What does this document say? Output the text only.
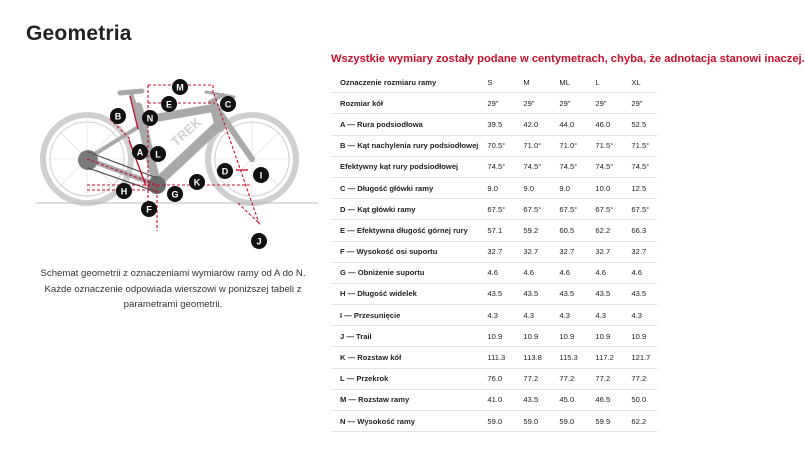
Geometria
Wszystkie wymiary zostały podane w centymetrach, chyba, że adnotacja stanowi inaczej.
TREK
M
C
E
B	N
A L
D	I
K
H	G
F
J
Schemat geometrii z oznaczeniami wymiarów ramy od A do N. Każde oznaczenie odpowiada wierszowi w poniższej tabeli z parametrami geometrii.
Oznaczenie rozmiaru ramy	S	M	ML	L	XL
Rozmiar kół	29"	29"	29"	29"	29"
A — Rura podsiodłowa	39.5	42.0	44.0	46.0	52.5
B — Kąt nachylenia rury podsiodłowej	70.5°	71.0°	71.0°	71.5°	71.5°
Efektywny kąt rury podsiodłowej	74.5°	74.5°	74.5°	74.5°	74.5°
C — Długość główki ramy	9.0	9.0	9.0	10.0	12.5
D — Kąt główki ramy	67.5°	67.5°	67.5°	67.5°	67.5°
E — Efektywna długość górnej rury	57.1	59.2	60.5	62.2	66.3
F — Wysokość osi suportu	32.7	32.7	32.7	32.7	32.7
G — Obniżenie suportu	4.6	4.6	4.6	4.6	4.6
H — Długość widelek	43.5	43.5	43.5	43.5	43.5
I — Przesunięcie	4.3	4.3	4.3	4.3	4.3
J — Trail	10.9	10.9	10.9	10.9	10.9
K — Rozstaw kół	111.3	113.8	115.3	117.2	121.7
L — Przekrok	76.0	77.2	77.2	77.2	77.2
M — Rozstaw ramy	41.0	43.5	45.0	46.5	50.0
N — Wysokość ramy	59.0	59.0	59.0	59.9	62.2
